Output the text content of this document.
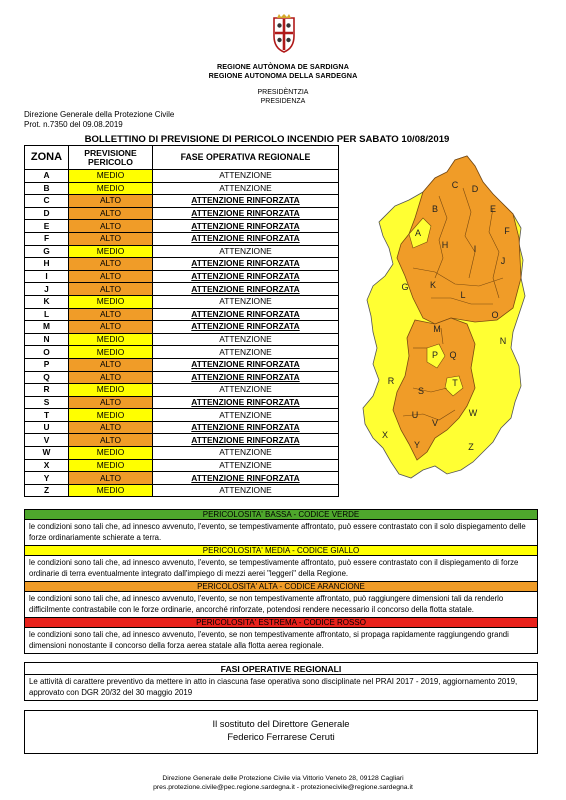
REGIONE AUTÒNOMA DE SARDIGNA
REGIONE AUTONOMA DELLA SARDEGNA
PRESIDÈNTZIA
PRESIDENZA
Direzione Generale della Protezione Civile
Prot. n.7350 del 09.08.2019
BOLLETTINO DI PREVISIONE DI PERICOLO INCENDIO PER SABATO 10/08/2019
ZONA	PREVISIONE
PERICOLO	FASE OPERATIVA REGIONALE
A	MEDIO	ATTENZIONE
B	MEDIO	ATTENZIONE
C	ALTO	ATTENZIONE RINFORZATA
D	ALTO	ATTENZIONE RINFORZATA
E	ALTO	ATTENZIONE RINFORZATA
F	ALTO	ATTENZIONE RINFORZATA
G	MEDIO	ATTENZIONE
H	ALTO	ATTENZIONE RINFORZATA
I	ALTO	ATTENZIONE RINFORZATA
J	ALTO	ATTENZIONE RINFORZATA
K	MEDIO	ATTENZIONE
L	ALTO	ATTENZIONE RINFORZATA
M	ALTO	ATTENZIONE RINFORZATA
N	MEDIO	ATTENZIONE
O	MEDIO	ATTENZIONE
P	ALTO	ATTENZIONE RINFORZATA
Q	ALTO	ATTENZIONE RINFORZATA
R	MEDIO	ATTENZIONE
S	ALTO	ATTENZIONE RINFORZATA
T	MEDIO	ATTENZIONE
U	ALTO	ATTENZIONE RINFORZATA
V	ALTO	ATTENZIONE RINFORZATA
W	MEDIO	ATTENZIONE
X	MEDIO	ATTENZIONE
Y	ALTO	ATTENZIONE RINFORZATA
Z	MEDIO	ATTENZIONE
A
B
C D
E
F
G
H	I
J
K
L
M
N
O
P Q
R
S
T
U
V
W
X
Y	Z
PERICOLOSITA' BASSA - CODICE VERDE
le condizioni sono tali che, ad innesco avvenuto, l'evento, se tempestivamente affrontato, può essere contrastato con il solo dispiegamento delle forze ordinariamente schierate a terra.
PERICOLOSITA' MEDIA - CODICE GIALLO
le condizioni sono tali che, ad innesco avvenuto, l'evento, se tempestivamente affrontato, può essere contrastato con il dispiegamento di forze ordinarie di terra eventualmente integrato dall'impiego di mezzi aerei "leggeri" della Regione.
PERICOLOSITA' ALTA - CODICE ARANCIONE
le condizioni sono tali che, ad innesco avvenuto, l'evento, se non tempestivamente affrontato, può raggiungere dimensioni tali da renderlo difficilmente contrastabile con le forze ordinarie, ancorché rinforzate, potendosi rendere necessario il concorso della flotta statale.
PERICOLOSITA' ESTREMA - CODICE ROSSO
le condizioni sono tali che, ad innesco avvenuto, l'evento, se non tempestivamente affrontato, si propaga rapidamente raggiungendo grandi dimensioni nonostante il concorso della forza aerea statale alla flotta aerea regionale.
FASI OPERATIVE REGIONALI
Le attività di carattere preventivo da mettere in atto in ciascuna fase operativa sono disciplinate nel PRAI 2017 - 2019, aggiornamento 2019, approvato con DGR 20/32 del 30 maggio 2019
Il sostituto del Direttore Generale
Federico Ferrarese Ceruti
Direzione Generale delle Protezione Civile via Vittorio Veneto 28, 09128 Cagliari
pres.protezione.civile@pec.regione.sardegna.it - protezionecivile@regione.sardegna.it
